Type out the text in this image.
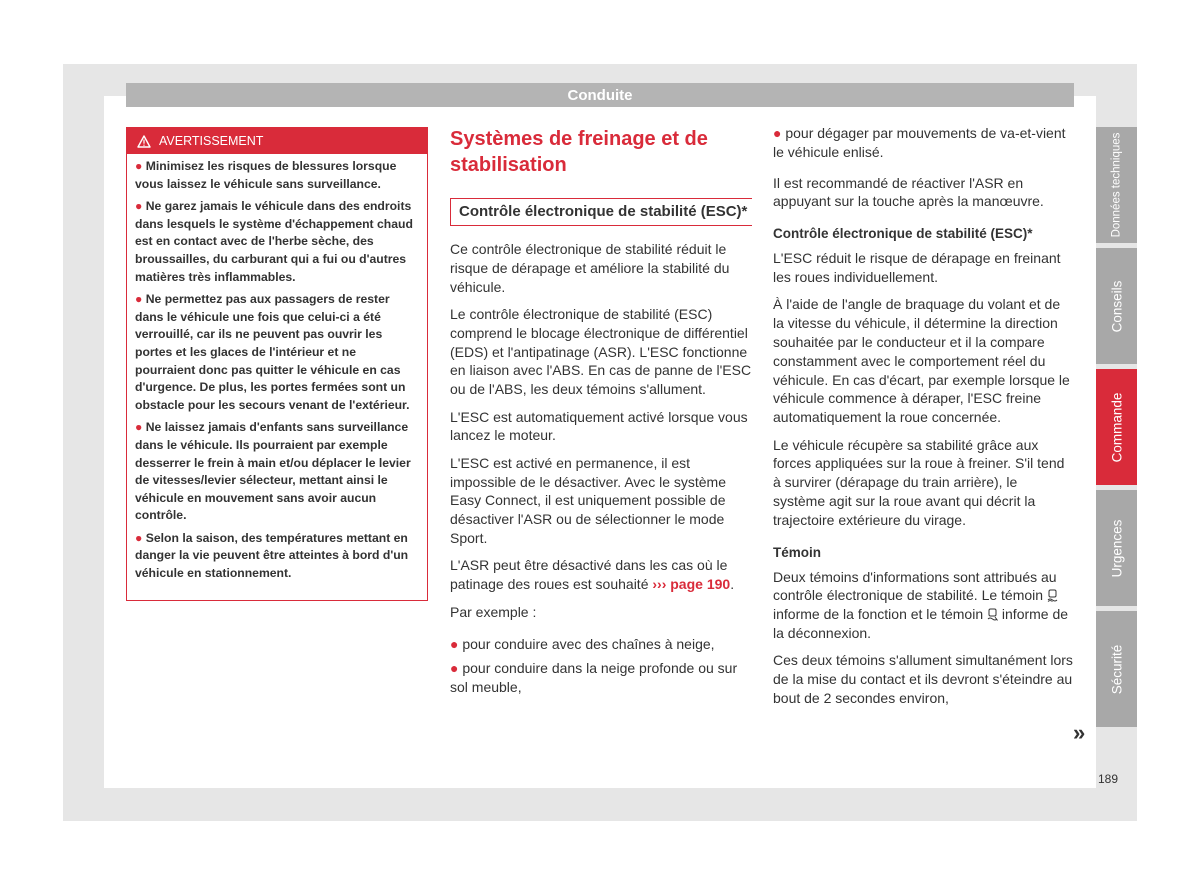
Conduite
AVERTISSEMENT

● Minimisez les risques de blessures lorsque vous laissez le véhicule sans surveillance.

● Ne garez jamais le véhicule dans des endroits dans lesquels le système d'échappement chaud est en contact avec de l'herbe sèche, des broussailles, du carburant qui a fui ou d'autres matières très inflammables.

● Ne permettez pas aux passagers de rester dans le véhicule une fois que celui-ci a été verrouillé, car ils ne peuvent pas ouvrir les portes et les glaces de l'intérieur et ne pourraient donc pas quitter le véhicule en cas d'urgence. De plus, les portes fermées sont un obstacle pour les secours venant de l'extérieur.

● Ne laissez jamais d'enfants sans surveillance dans le véhicule. Ils pourraient par exemple desserrer le frein à main et/ou déplacer le levier de vitesses/levier sélecteur, mettant ainsi le véhicule en mouvement sans avoir aucun contrôle.

● Selon la saison, des températures mettant en danger la vie peuvent être atteintes à bord d'un véhicule en stationnement.

Systèmes de freinage et de stabilisation
Contrôle électronique de stabilité (ESC)*

Ce contrôle électronique de stabilité réduit le risque de dérapage et améliore la stabilité du véhicule.

Le contrôle électronique de stabilité (ESC) comprend le blocage électronique de différentiel (EDS) et l'antipatinage (ASR). L'ESC fonctionne en liaison avec l'ABS. En cas de panne de l'ESC ou de l'ABS, les deux témoins s'allument.

L'ESC est automatiquement activé lorsque vous lancez le moteur.

L'ESC est activé en permanence, il est impossible de le désactiver. Avec le système Easy Connect, il est uniquement possible de désactiver l'ASR ou de sélectionner le mode Sport.

L'ASR peut être désactivé dans les cas où le patinage des roues est souhaité ››› page 190.

Par exemple :

● pour conduire avec des chaînes à neige,

● pour conduire dans la neige profonde ou sur sol meuble,

● pour dégager par mouvements de va-et-vient le véhicule enlisé.

Il est recommandé de réactiver l'ASR en appuyant sur la touche après la manœuvre.

Contrôle électronique de stabilité (ESC)*

L'ESC réduit le risque de dérapage en freinant les roues individuellement.

À l'aide de l'angle de braquage du volant et de la vitesse du véhicule, il détermine la direction souhaitée par le conducteur et il la compare constamment avec le comportement réel du véhicule. En cas d'écart, par exemple lorsque le véhicule commence à déraper, l'ESC freine automatiquement la roue concernée.

Le véhicule récupère sa stabilité grâce aux forces appliquées sur la roue à freiner. S'il tend à survirer (dérapage du train arrière), le système agit sur la roue avant qui décrit la trajectoire extérieure du virage.

Témoin

Deux témoins d'informations sont attribués au contrôle électronique de stabilité. Le témoin  informe de la fonction et le témoin informe de la déconnexion.

Ces deux témoins s'allument simultanément lors de la mise du contact et ils devront s'éteindre au bout de 2 secondes environ,

»
Données techniques
Conseils
Commande
Urgences
Sécurité
189
